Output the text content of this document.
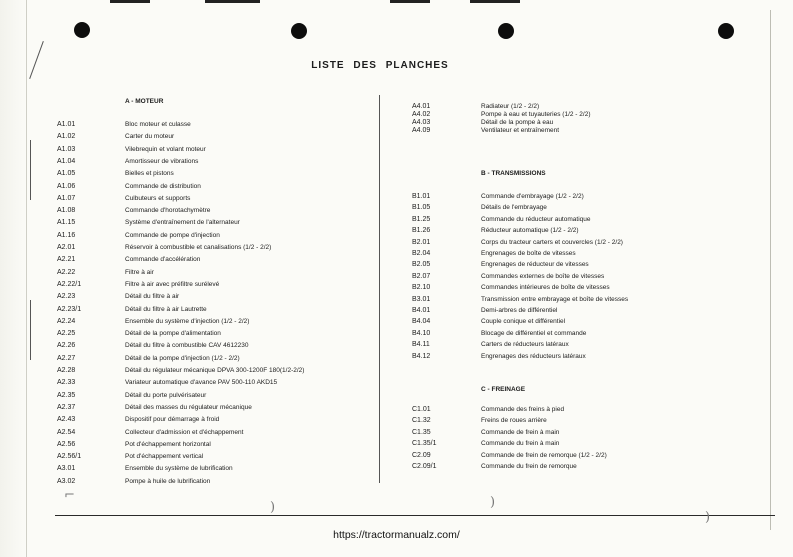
LISTE DES PLANCHES
A - MOTEUR
A1.01	Bloc moteur et culasse
A1.02	Carter du moteur
A1.03	Vilebrequin et volant moteur
A1.04	Amortisseur de vibrations
A1.05	Bielles et pistons
A1.06	Commande de distribution
A1.07	Culbuteurs et supports
A1.08	Commande d'horotachymètre
A1.15	Système d'entraînement de l'alternateur
A1.16	Commande de pompe d'injection
A2.01	Réservoir à combustible et canalisations (1/2 - 2/2)
A2.21	Commande d'accélération
A2.22	Filtre à air
A2.22/1	Filtre à air avec préfiltre surélevé
A2.23	Détail du filtre à air
A2.23/1	Détail du filtre à air Lautrette
A2.24	Ensemble du système d'injection (1/2 - 2/2)
A2.25	Détail de la pompe d'alimentation
A2.26	Détail du filtre à combustible CAV 4612230
A2.27	Détail de la pompe d'injection (1/2 - 2/2)
A2.28	Détail du régulateur mécanique DPVA 300-1200F 180(1/2-2/2)
A2.33	Variateur automatique d'avance PAV 500-110 AKD15
A2.35	Détail du porte pulvérisateur
A2.37	Détail des masses du régulateur mécanique
A2.43	Dispositif pour démarrage à froid
A2.54	Collecteur d'admission et d'échappement
A2.56	Pot d'échappement horizontal
A2.56/1	Pot d'échappement vertical
A3.01	Ensemble du système de lubrification
A3.02	Pompe à huile de lubrification
A4.01	Radiateur (1/2 - 2/2)
A4.02	Pompe à eau et tuyauteries (1/2 - 2/2)
A4.03	Détail de la pompe à eau
A4.09	Ventilateur et entraînement
B - TRANSMISSIONS
B1.01	Commande d'embrayage (1/2 - 2/2)
B1.05	Détails de l'embrayage
B1.25	Commande du réducteur automatique
B1.26	Réducteur automatique (1/2 - 2/2)
B2.01	Corps du tracteur carters et couvercles (1/2 - 2/2)
B2.04	Engrenages de boîte de vitesses
B2.05	Engrenages de réducteur de vitesses
B2.07	Commandes externes de boîte de vitesses
B2.10	Commandes intérieures de boîte de vitesses
B3.01	Transmission entre embrayage et boîte de vitesses
B4.01	Demi-arbres de différentiel
B4.04	Couple conique et différentiel
B4.10	Blocage de différentiel et commande
B4.11	Carters de réducteurs latéraux
B4.12	Engrenages des réducteurs latéraux
C - FREINAGE
C1.01	Commande des freins à pied
C1.32	Freins de roues arrière
C1.35	Commande de frein à main
C1.35/1	Commande du frein à main
C2.09	Commande de frein de remorque (1/2 - 2/2)
C2.09/1	Commande du frein de remorque
⌐
)	)
)
https://tractormanualz.com/
